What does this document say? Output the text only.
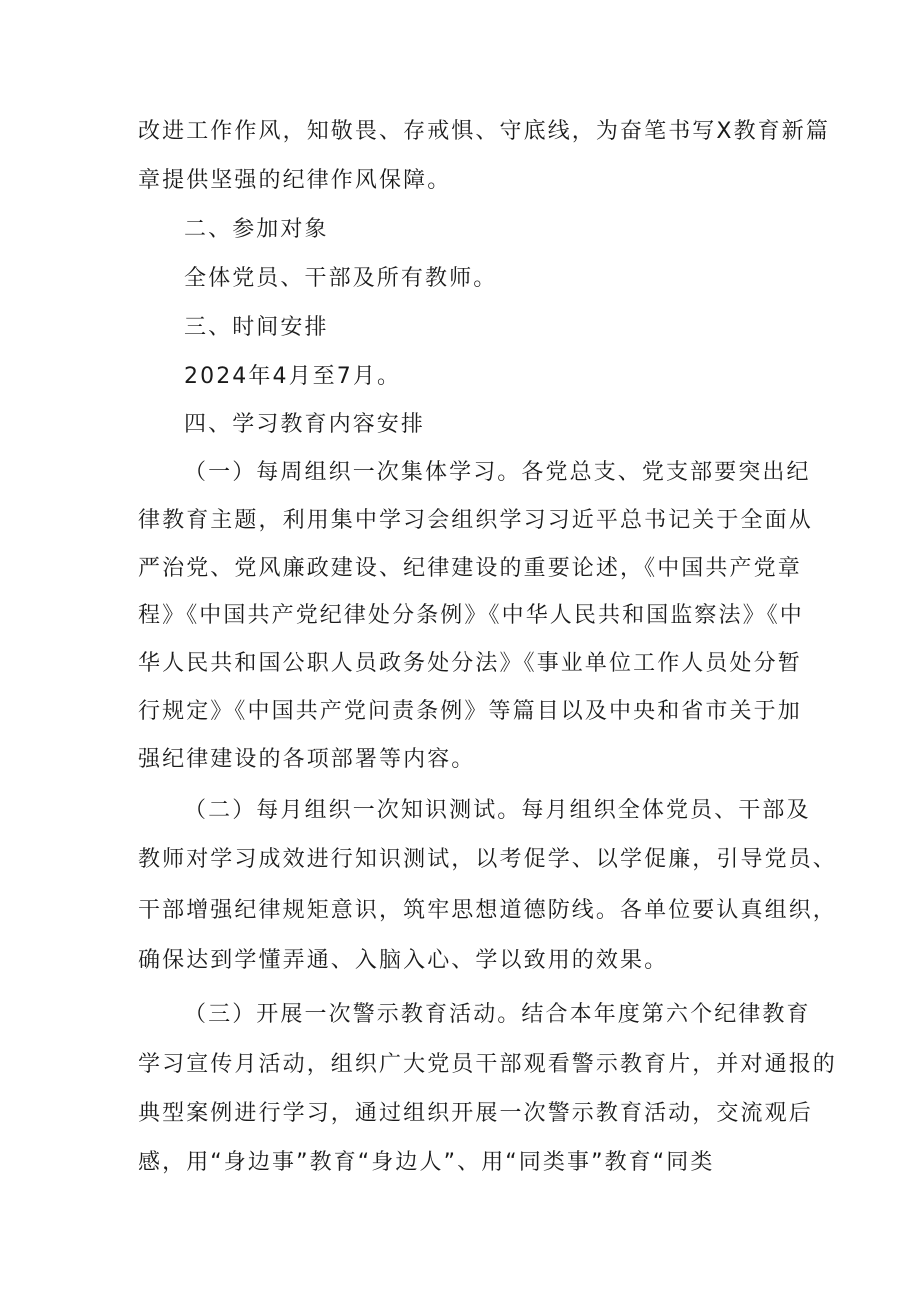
改进工作作风，知敬畏、存戒惧、守底线，为奋笔书写X教育新篇
章提供坚强的纪律作风保障。
二、参加对象
全体党员、干部及所有教师。
三、时间安排
2024年4月至7月。
四、学习教育内容安排
（一）每周组织一次集体学习。各党总支、党支部要突出纪
律教育主题，利用集中学习会组织学习习近平总书记关于全面从
严治党、党风廉政建设、纪律建设的重要论述，《中国共产党章
程》《中国共产党纪律处分条例》《中华人民共和国监察法》《中
华人民共和国公职人员政务处分法》《事业单位工作人员处分暂
行规定》《中国共产党问责条例》等篇目以及中央和省市关于加
强纪律建设的各项部署等内容。
（二）每月组织一次知识测试。每月组织全体党员、干部及
教师对学习成效进行知识测试，以考促学、以学促廉，引导党员、
干部增强纪律规矩意识，筑牢思想道德防线。各单位要认真组织，
确保达到学懂弄通、入脑入心、学以致用的效果。
（三）开展一次警示教育活动。结合本年度第六个纪律教育
学习宣传月活动，组织广大党员干部观看警示教育片，并对通报的
典型案例进行学习，通过组织开展一次警示教育活动，交流观后
感，用“身边事”教育“身边人”、用“同类事”教育“同类
